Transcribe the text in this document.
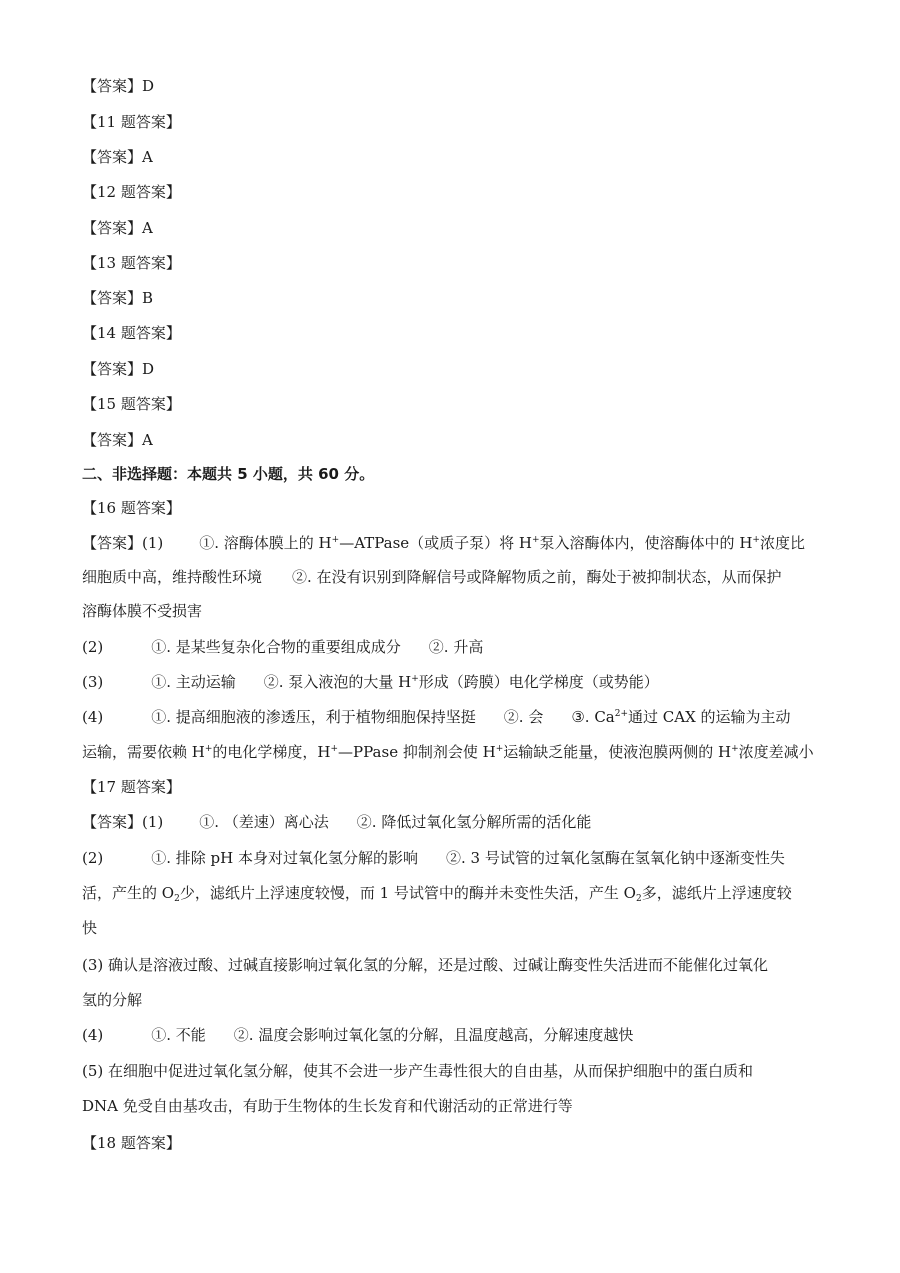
【答案】D
【11 题答案】
【答案】A
【12 题答案】
【答案】A
【13 题答案】
【答案】B
【14 题答案】
【答案】D
【15 题答案】
【答案】A
二、非选择题：本题共 5 小题，共 60 分。
【16 题答案】
【答案】(1) ①. 溶酶体膜上的 H+—ATPase（或质子泵）将 H+泵入溶酶体内，使溶酶体中的 H+浓度比
细胞质中高，维持酸性环境 ②. 在没有识别到降解信号或降解物质之前，酶处于被抑制状态，从而保护
溶酶体膜不受损害
(2)	①. 是某些复杂化合物的重要组成成分 ②. 升高
(3)	①. 主动运输 ②. 泵入液泡的大量 H+形成（跨膜）电化学梯度（或势能）
(4)	①. 提高细胞液的渗透压，利于植物细胞保持坚挺 ②. 会 ③. $Ca^{2+}$通过 CAX 的运输为主动
运输，需要依赖 H+的电化学梯度，H+—PPase 抑制剂会使 H+运输缺乏能量，使液泡膜两侧的 H+浓度差减小
【17 题答案】
【答案】(1) ①. （差速）离心法 ②. 降低过氧化氢分解所需的活化能
(2)	①. 排除 pH 本身对过氧化氢分解的影响 ②. 3 号试管的过氧化氢酶在氢氧化钠中逐渐变性失
活，产生的 $O_2$少，滤纸片上浮速度较慢，而 1 号试管中的酶并未变性失活，产生 $O_2$多，滤纸片上浮速度较
快
(3) 确认是溶液过酸、过碱直接影响过氧化氢的分解，还是过酸、过碱让酶变性失活进而不能催化过氧化
氢的分解
(4)	①. 不能 ②. 温度会影响过氧化氢的分解，且温度越高，分解速度越快
(5) 在细胞中促进过氧化氢分解，使其不会进一步产生毒性很大的自由基，从而保护细胞中的蛋白质和
DNA 免受自由基攻击，有助于生物体的生长发育和代谢活动的正常进行等
【18 题答案】
